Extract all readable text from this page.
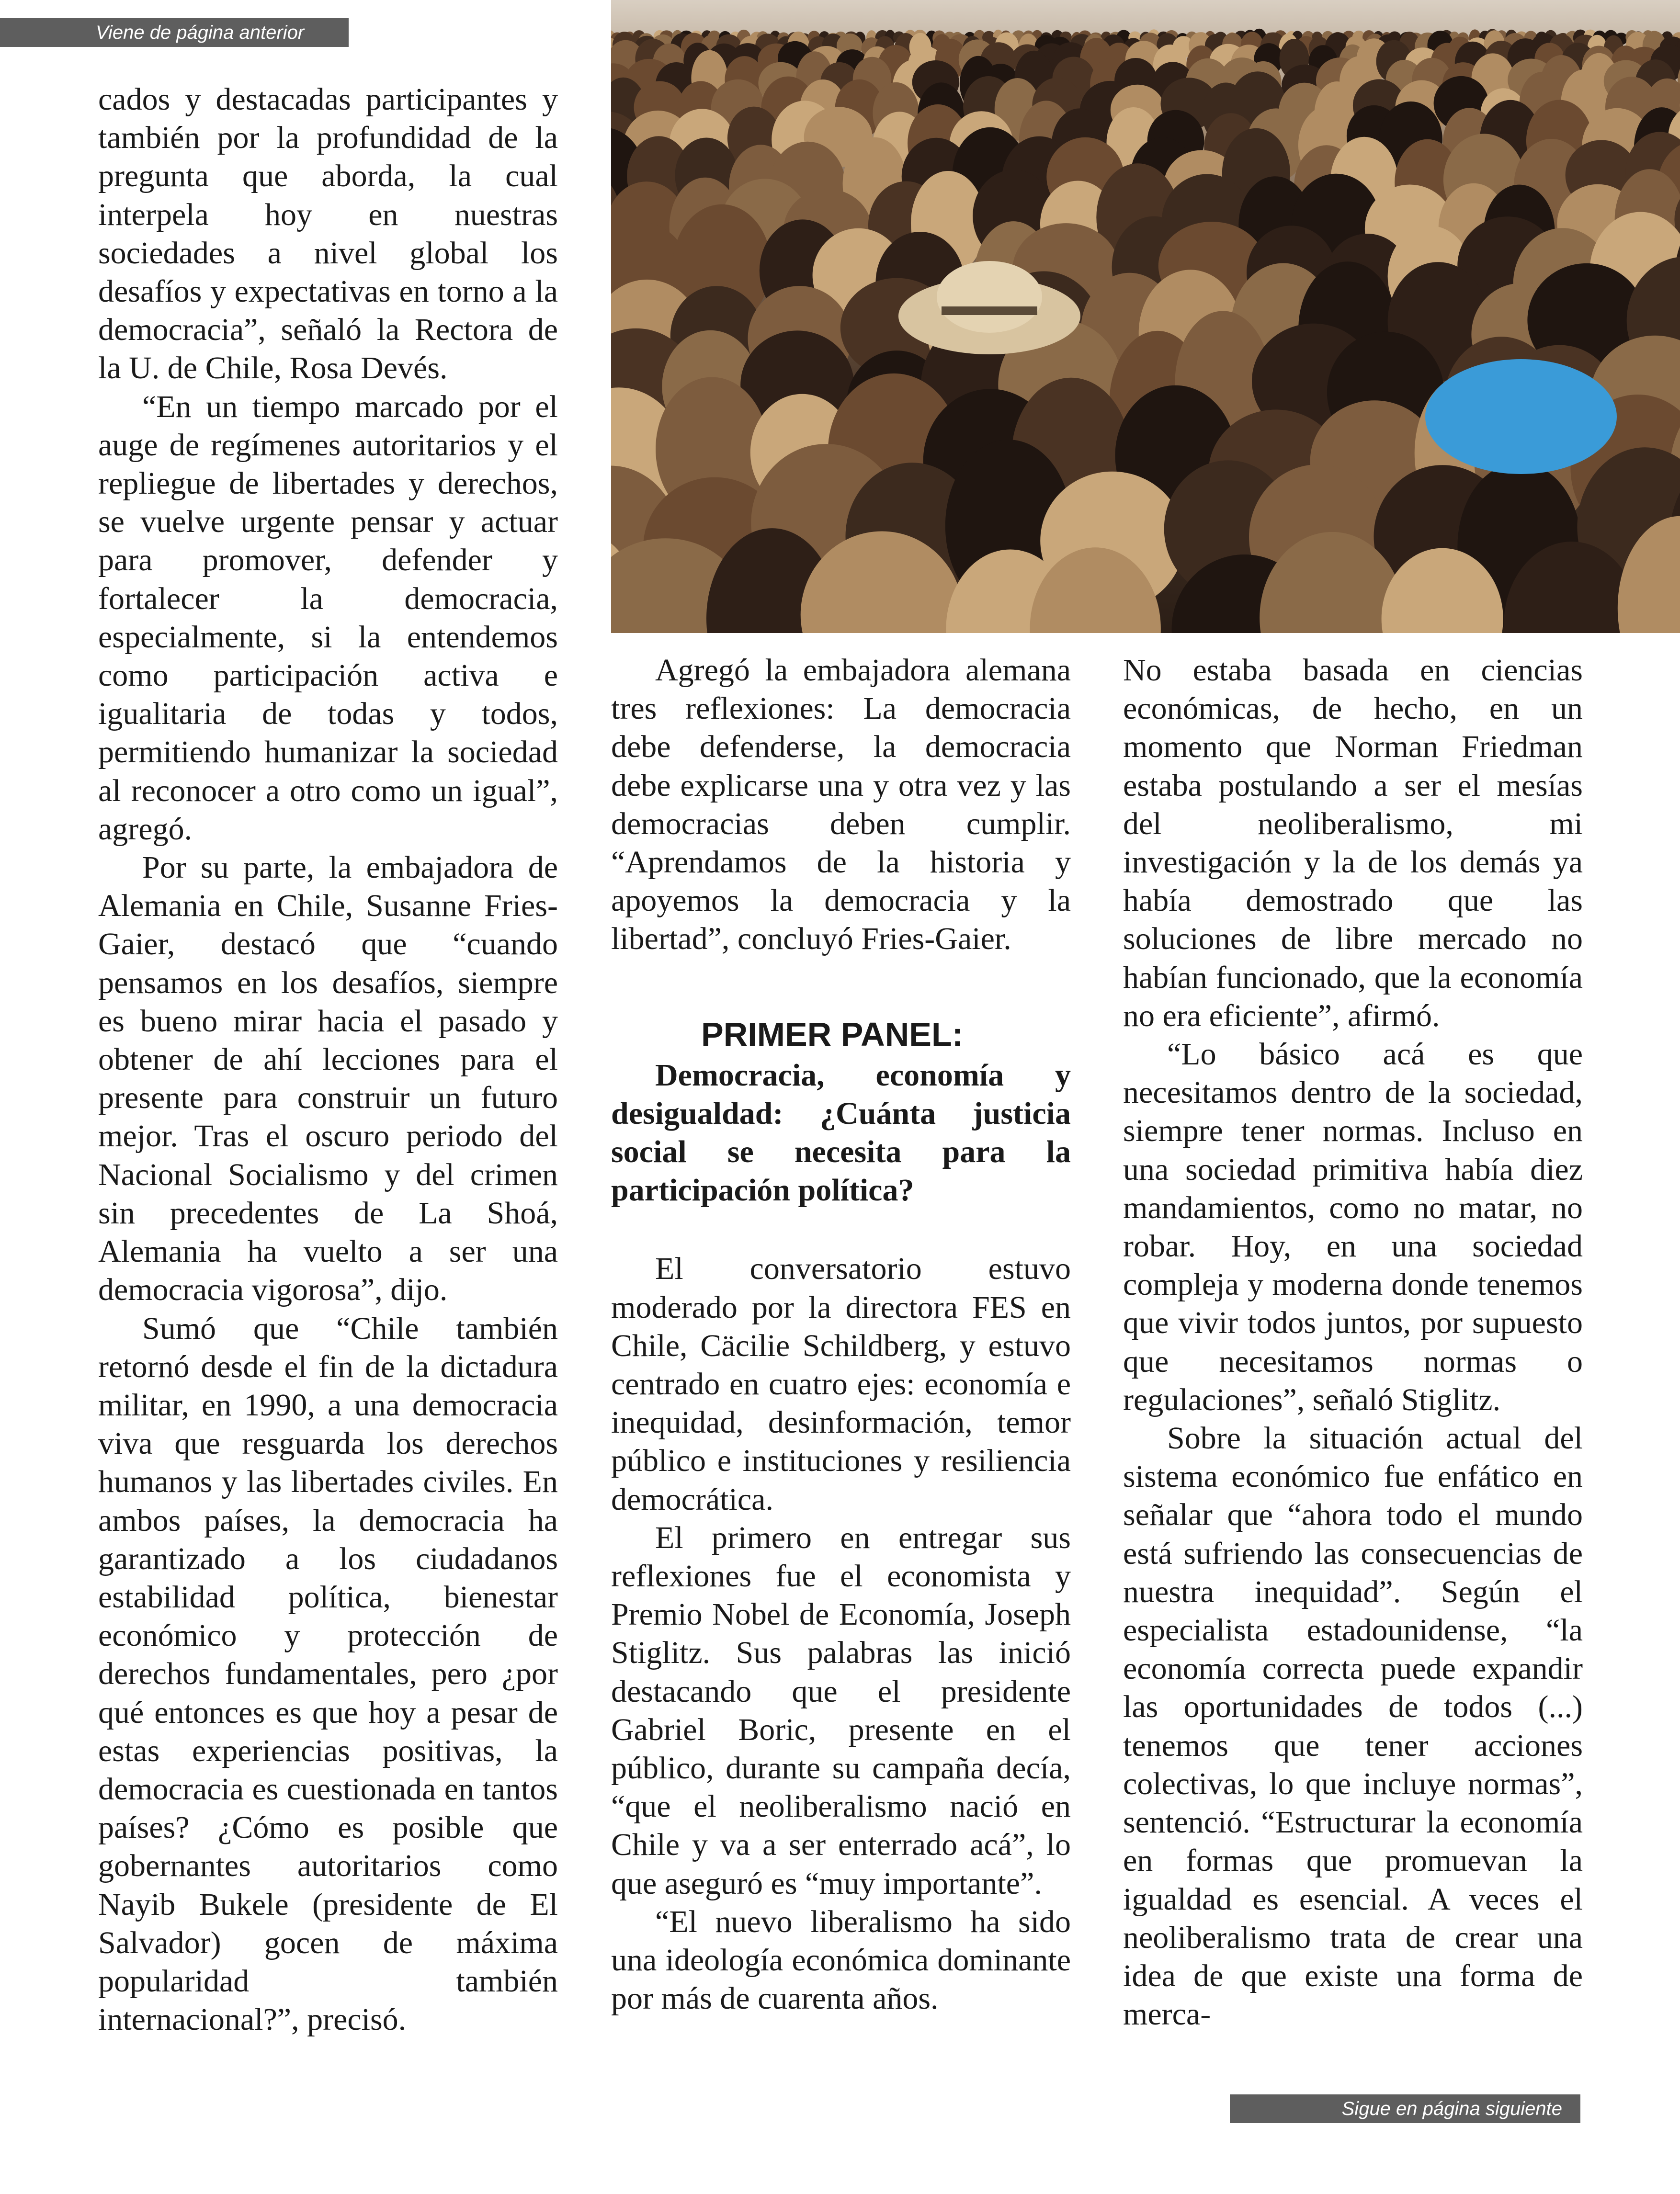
Viene de página anterior

cados y destacadas participantes y también por la profundidad de la pregunta que aborda, la cual interpela hoy en nuestras sociedades a nivel global los desafíos y expectativas en torno a la democracia”, señaló la Rectora de la U. de Chile, Rosa Devés.

“En un tiempo marcado por el auge de regímenes autoritarios y el repliegue de libertades y derechos, se vuelve urgente pensar y actuar para promover, defender y fortalecer la democracia, especialmente, si la entendemos como participación activa e igualitaria de todas y todos, permitiendo humanizar la sociedad al reconocer a otro como un igual”, agregó.

Por su parte, la embajadora de Alemania en Chile, Susanne Fries-Gaier, destacó que “cuando pensamos en los desafíos, siempre es bueno mirar hacia el pasado y obtener de ahí lecciones para el presente para construir un futuro mejor. Tras el oscuro periodo del Nacional Socialismo y del crimen sin precedentes de La Shoá, Alemania ha vuelto a ser una democracia vigorosa”, dijo.

Sumó que “Chile también retornó desde el fin de la dictadura militar, en 1990, a una democracia viva que resguarda los derechos humanos y las libertades civiles. En ambos países, la democracia ha garantizado a los ciudadanos estabilidad política, bienestar económico y protección de derechos fundamentales, pero ¿por qué entonces es que hoy a pesar de estas experiencias positivas, la democracia es cuestionada en tantos países? ¿Cómo es posible que gobernantes autoritarios como Nayib Bukele (presidente de El Salvador) gocen de máxima popularidad también internacional?”, precisó.

Agregó la embajadora alemana tres reflexiones: La democracia debe defenderse, la democracia debe explicarse una y otra vez y las democracias deben cumplir. “Aprendamos de la historia y apoyemos la democracia y la libertad”, concluyó Fries-Gaier.

PRIMER PANEL:

Democracia, economía y desigualdad: ¿Cuánta justicia social se necesita para la participación política?

El conversatorio estuvo moderado por la directora FES en Chile, Cäcilie Schildberg, y estuvo centrado en cuatro ejes: economía e inequidad, desinformación, temor público e instituciones y resiliencia democrática.

El primero en entregar sus reflexiones fue el economista y Premio Nobel de Economía, Joseph Stiglitz. Sus palabras las inició destacando que el presidente Gabriel Boric, presente en el público, durante su campaña decía, “que el neoliberalismo nació en Chile y va a ser enterrado acá”, lo que aseguró es “muy importante”.

“El nuevo liberalismo ha sido una ideología económica dominante por más de cuarenta años.

No estaba basada en ciencias económicas, de hecho, en un momento que Norman Friedman estaba postulando a ser el mesías del neoliberalismo, mi investigación y la de los demás ya había demostrado que las soluciones de libre mercado no habían funcionado, que la economía no era eficiente”, afirmó.

“Lo básico acá es que necesitamos dentro de la sociedad, siempre tener normas. Incluso en una sociedad primitiva había diez mandamientos, como no matar, no robar. Hoy, en una sociedad compleja y moderna donde tenemos que vivir todos juntos, por supuesto que necesitamos normas o regulaciones”, señaló Stiglitz.

Sobre la situación actual del sistema económico fue enfático en señalar que “ahora todo el mundo está sufriendo las consecuencias de nuestra inequidad”. Según el especialista estadounidense, “la economía correcta puede expandir las oportunidades de todos (...) tenemos que tener acciones colectivas, lo que incluye normas”, sentenció. “Estructurar la economía en formas que promuevan la igualdad es esencial. A veces el neoliberalismo trata de crear una idea de que existe una forma de merca-

Sigue en página siguiente
